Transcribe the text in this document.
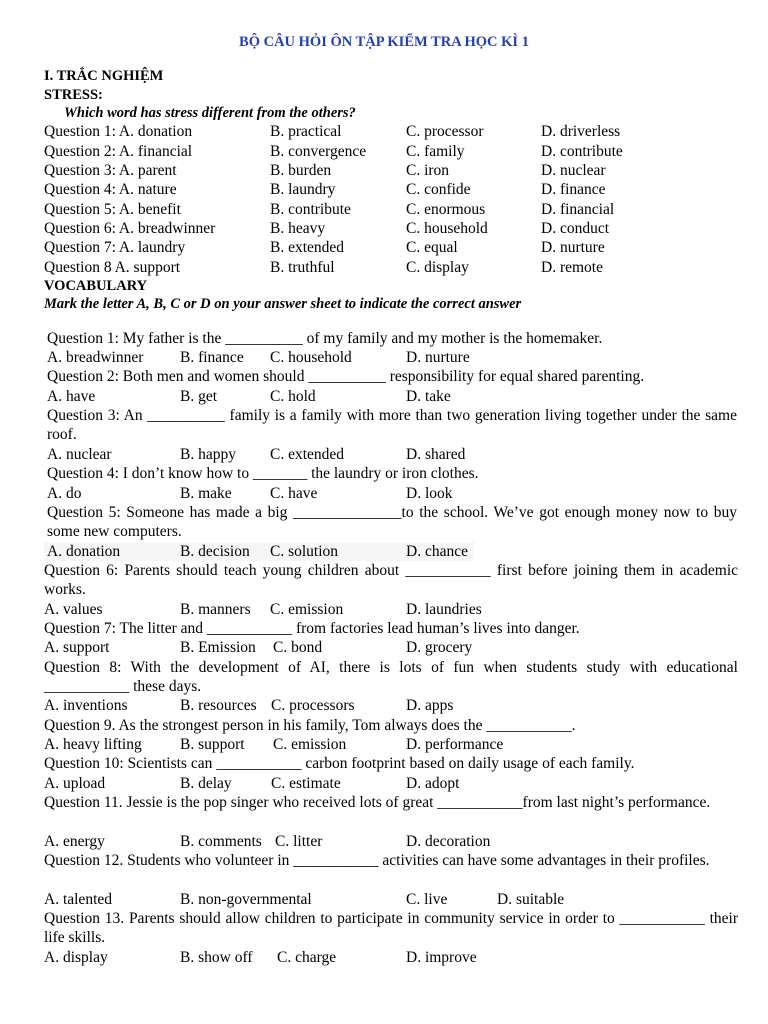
BỘ CÂU HỎI ÔN TẬP KIỂM TRA HỌC KÌ 1
I. TRẮC NGHIỆM
STRESS:
Which word has stress different from the others?
Question 1: A. donation	B. practical	C. processor	D. driverless
Question 2: A. financial	B. convergence	C. family	D. contribute
Question 3: A. parent	B. burden	C. iron	D. nuclear
Question 4: A. nature	B. laundry	C. confide	D. finance
Question 5: A. benefit	B. contribute	C. enormous	D. financial
Question 6: A. breadwinner	B. heavy	C. household	D. conduct
Question 7: A. laundry	B. extended	C. equal	D. nurture
Question 8 A. support	B. truthful	C. display	D. remote
VOCABULARY
Mark the letter A, B, C or D on your answer sheet to indicate the correct answer
Question 1: My father is the __________ of my family and my mother is the homemaker.
A. breadwinner B. finance C. household	D. nurture
Question 2: Both men and women should __________ responsibility for equal shared parenting.
A. have	B. get	C. hold	D. take
Question 3: An __________ family is a family with more than two generation living together under the same roof.
A. nuclear	B. happy C. extended	D. shared
Question 4: I don’t know how to _______ the laundry or iron clothes.
A. do	B. make C. have	D. look
Question 5: Someone has made a big ______________to the school. We’ve got enough money now to buy some new computers.
A. donation	B. decision C. solution	D. chance
Question 6: Parents should teach young children about ___________ first before joining them in academic works.
A. values	B. manners C. emission	D. laundries
Question 7: The litter and ___________ from factories lead human’s lives into danger.
A. support	B. Emission C. bond	D. grocery
Question 8: With the development of AI, there is lots of fun when students study with educational ___________ these days.
A. inventions	B. resources C. processors	D. apps
Question 9. As the strongest person in his family, Tom always does the ___________.
A. heavy lifting B. support C. emission	D. performance
Question 10: Scientists can ___________ carbon footprint based on daily usage of each family.
A. upload	B. delay	C. estimate	D. adopt
Question 11. Jessie is the pop singer who received lots of great ___________from last night’s performance.
A. energy	B. comments C. litter	D. decoration
Question 12. Students who volunteer in ___________ activities can have some advantages in their profiles.
A. talented	B. non-governmental	C. live	D. suitable
Question 13. Parents should allow children to participate in community service in order to ___________ their life skills.
A. display	B. show off C. charge	D. improve
